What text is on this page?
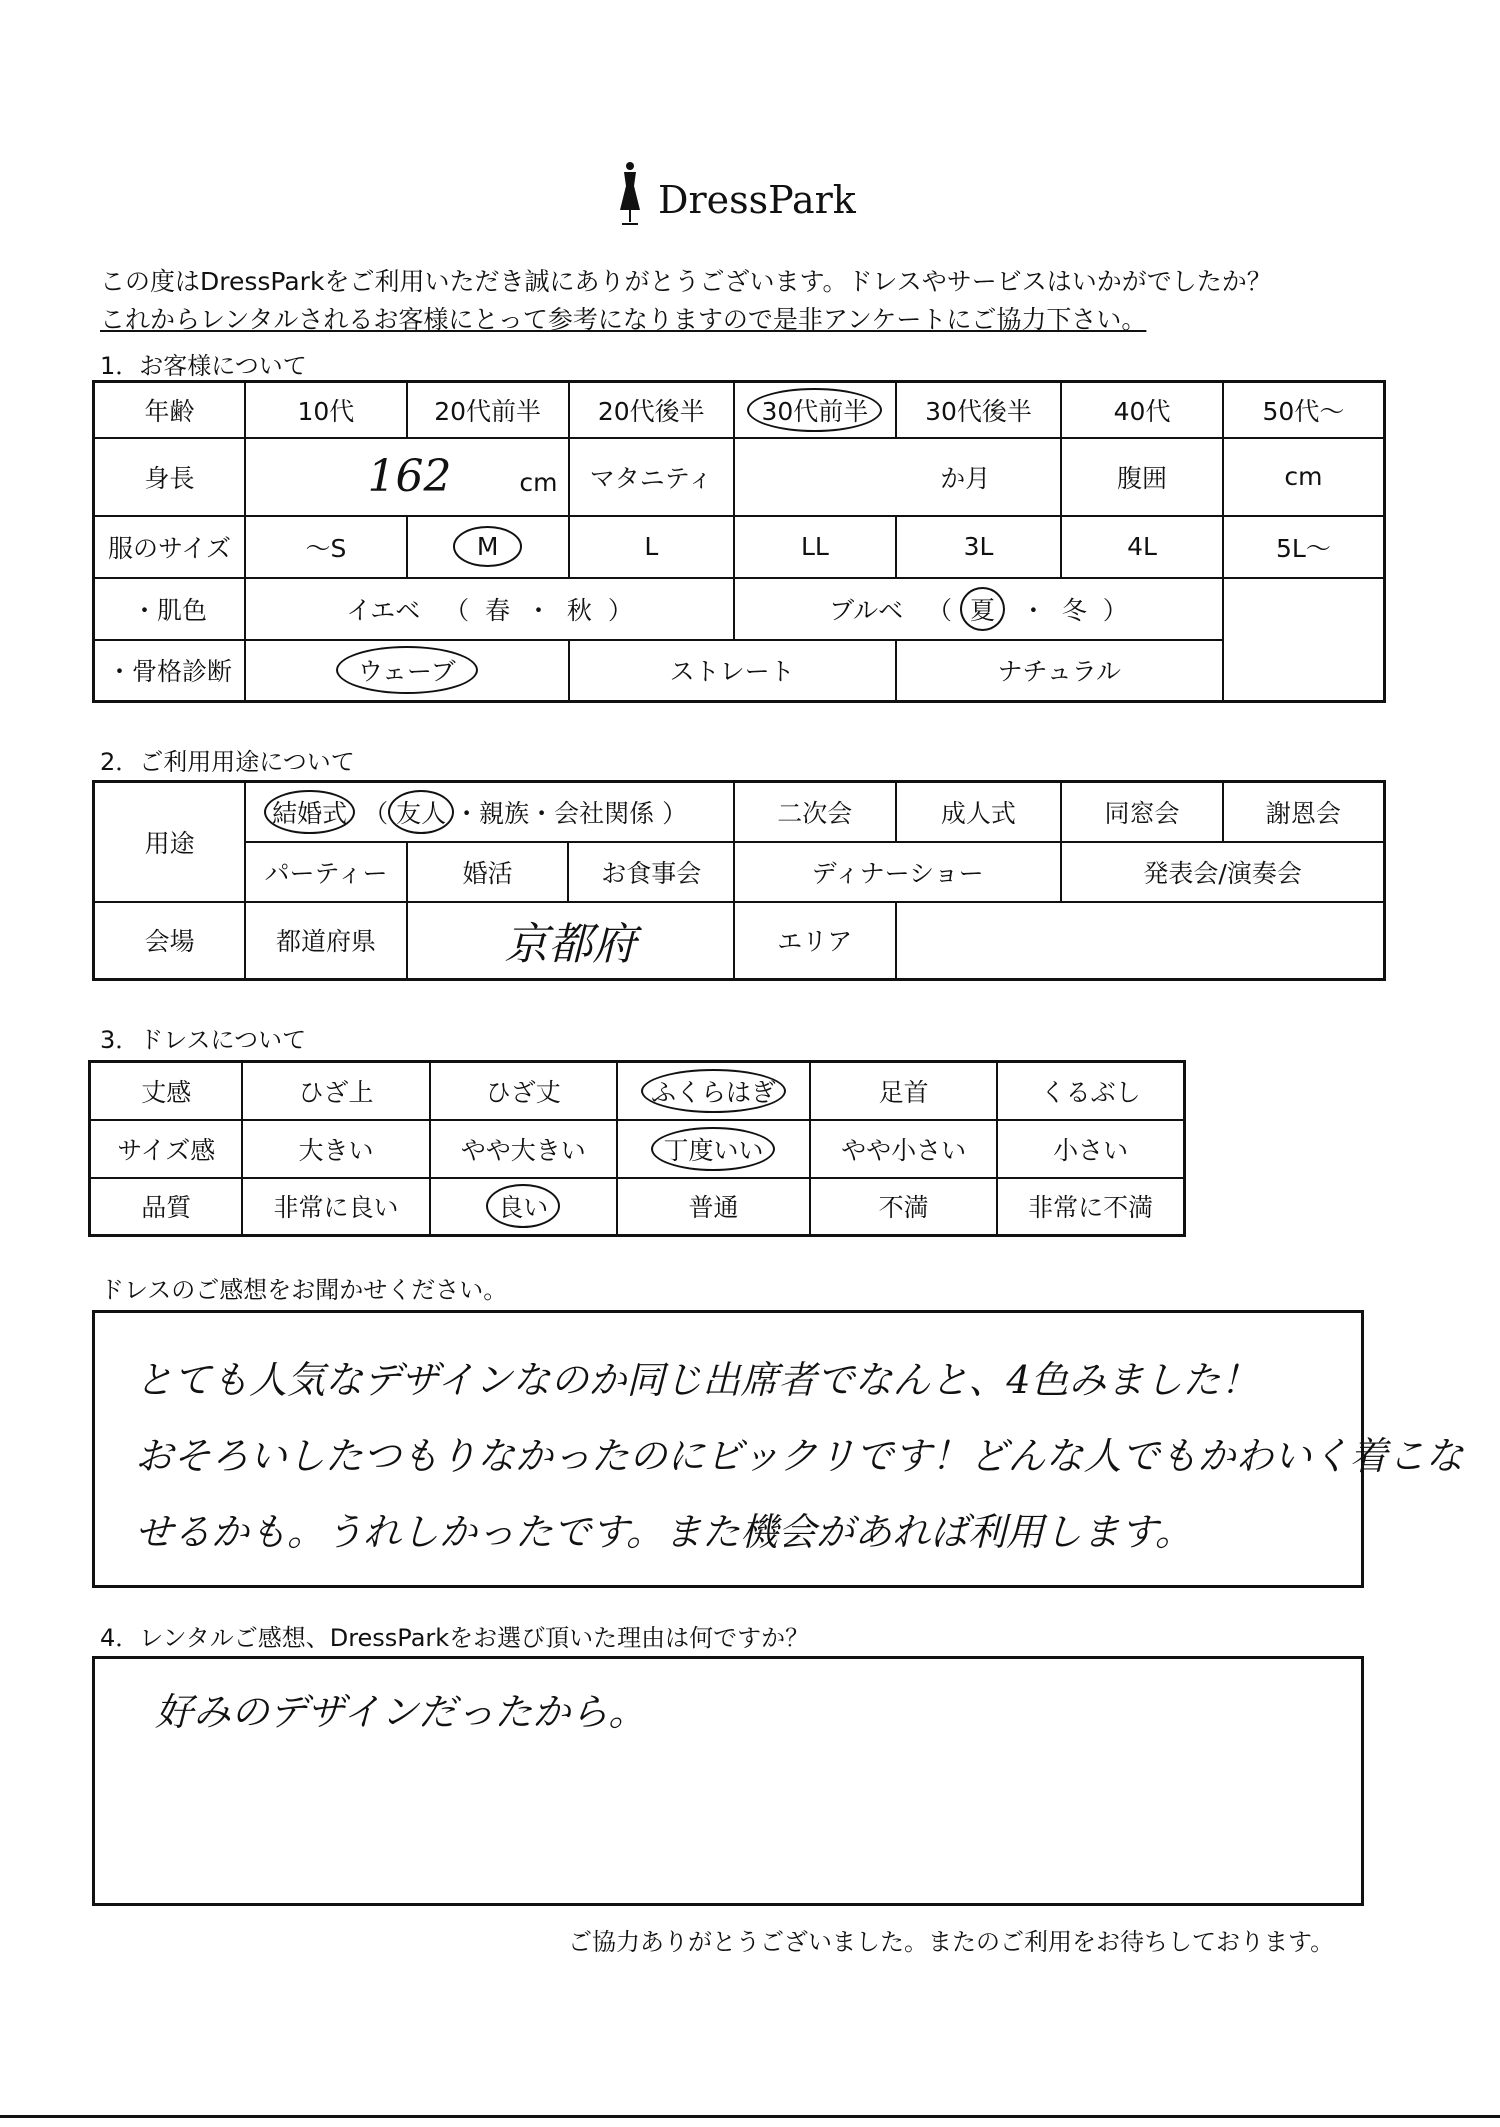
DressPark
この度はDressParkをご利用いただき誠にありがとうございます。ドレスやサービスはいかがでしたか？
これからレンタルされるお客様にとって参考になりますので是非アンケートにご協力下さい。
1．お客様について
年齢	10代	20代前半	20代後半	30代前半	30代後半	40代	50代～
身長	162 cm		マタニティ	か月		腹囲	cm
服のサイズ	～S	M	L	LL	3L	4L	5L～
・肌色	イエベ （ 春 ・ 秋 ）			ブルベ （ 夏 ・ 冬 ）			
・骨格診断	ウェーブ		ストレート		ナチュラル		
2．ご利用用途について
用途	結婚式 （ 友人 ・親族・会社関係 ）			二次会	成人式	同窓会	謝恩会
	パーティー	婚活	お食事会	ディナーショー		発表会/演奏会	
会場	都道府県	京都府		エリア			
3．ドレスについて
丈感	ひざ上	ひざ丈	ふくらはぎ	足首	くるぶし
サイズ感	大きい	やや大きい	丁度いい	やや小さい	小さい
品質	非常に良い	良い	普通	不満	非常に不満
ドレスのご感想をお聞かせください。
とても人気なデザインなのか同じ出席者でなんと、4色みました！
おそろいしたつもりなかったのにビックリです！どんな人でもかわいく着こな
せるかも。うれしかったです。また機会があれば利用します。
4．レンタルご感想、DressParkをお選び頂いた理由は何ですか？
好みのデザインだったから。
ご協力ありがとうございました。またのご利用をお待ちしております。
